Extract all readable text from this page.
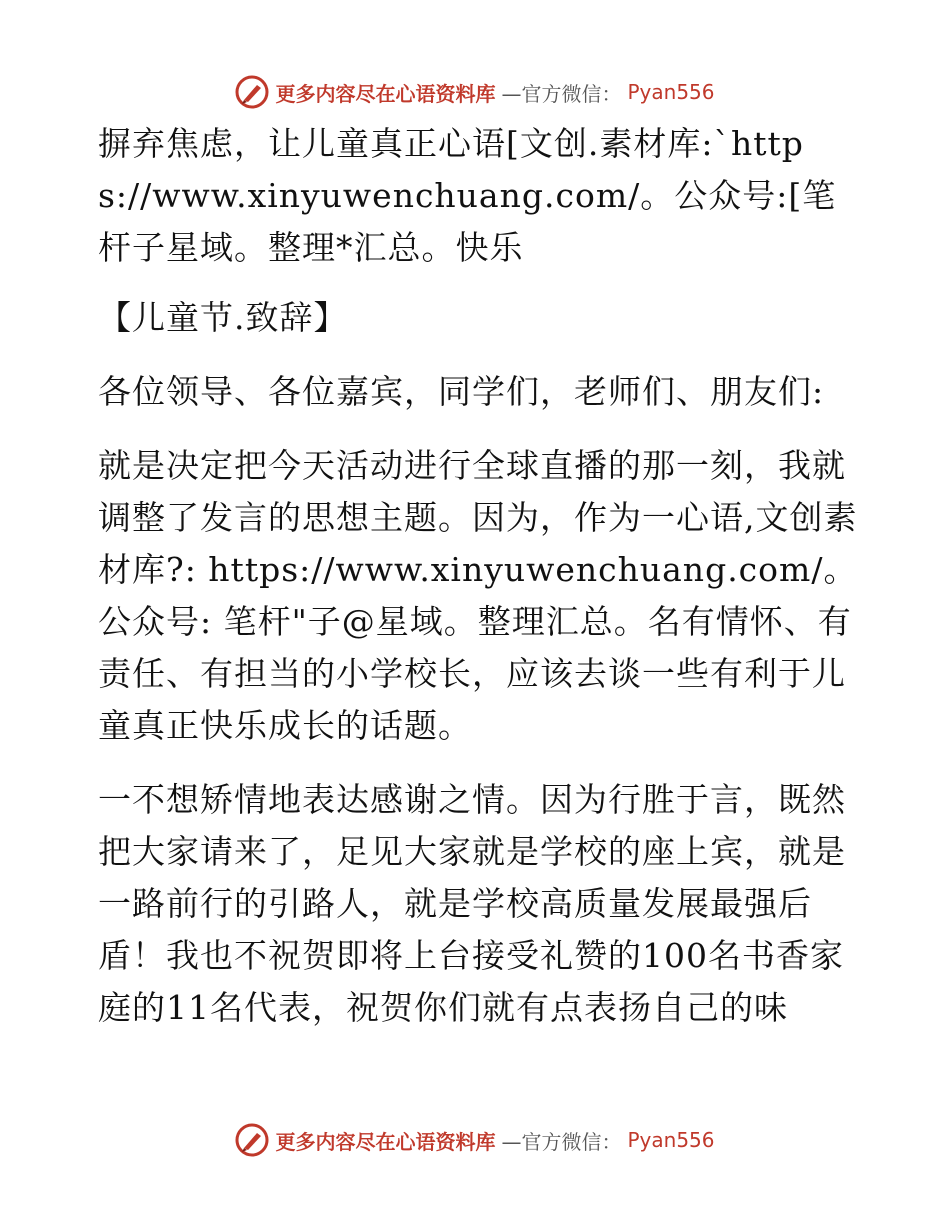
更多内容尽在心语资料库 —官方微信： Pyan556

摒弃焦虑，让儿童真正心语[文创.素材库:`https://www.xinyuwenchuang.com/。公众号:[笔杆子星域。整理*汇总。快乐

【儿童节.致辞】

各位领导、各位嘉宾，同学们，老师们、朋友们:

就是决定把今天活动进行全球直播的那一刻，我就调整了发言的思想主题。因为，作为一心语,文创素材库?: https://www.xinyuwenchuang.com/。公众号: 笔杆"子@星域。整理汇总。名有情怀、有责任、有担当的小学校长，应该去谈一些有利于儿童真正快乐成长的话题。

一不想矫情地表达感谢之情。因为行胜于言，既然把大家请来了，足见大家就是学校的座上宾，就是一路前行的引路人，就是学校高质量发展最强后盾！我也不祝贺即将上台接受礼赞的100名书香家庭的11名代表，祝贺你们就有点表扬自己的味

更多内容尽在心语资料库 —官方微信： Pyan556
